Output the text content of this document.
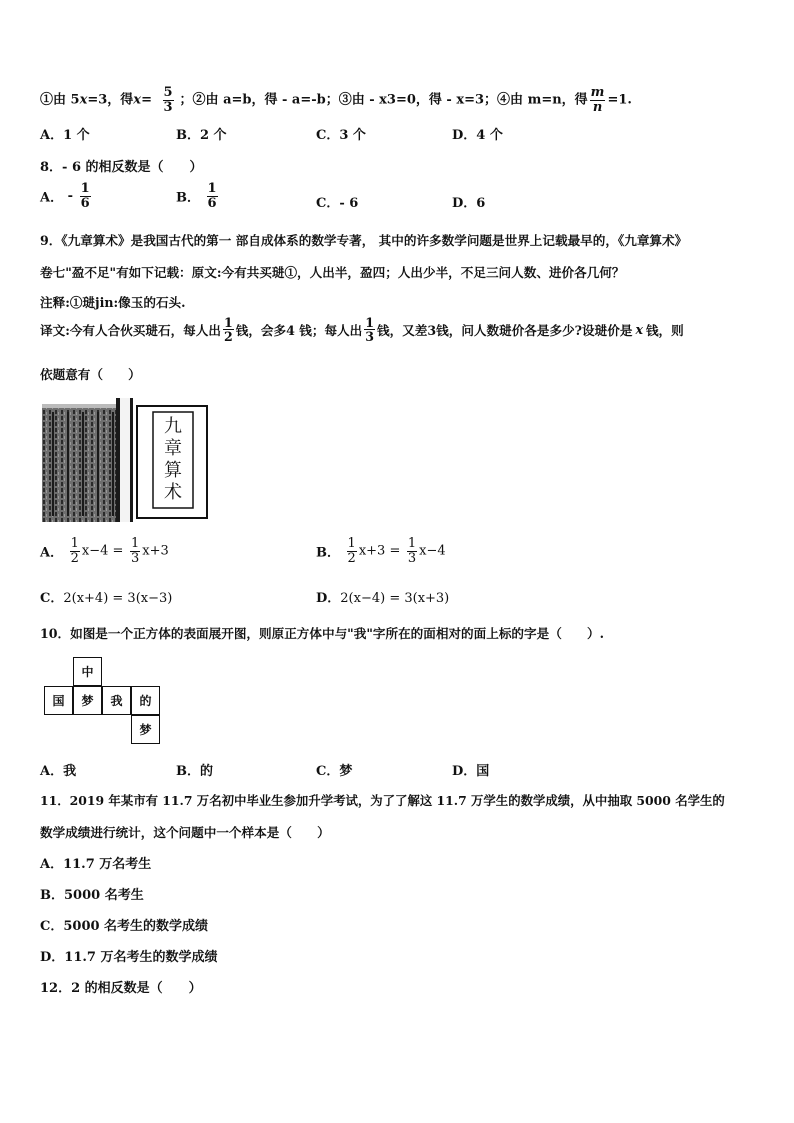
①由 5x=3，得$x= \frac{5}{3}$ ；②由 a=b，得 - a=-b；③由 - x3=0，得 - x=3；④由 m=n，得 $\frac{m}{n} =1$.
A．1 个	B．2 个	C．3 个	D．4 个
8．- 6 的相反数是（　　）
A． - $\frac{1}{6}$	B． $\frac{1}{6}$	C．- 6	D．6
9．《九章算术》是我国古代的第一 部自成体系的数学专著， 其中的许多数学问题是世界上记载最早的，《九章算术》
卷七"盈不足"有如下记载：原文:今有共买琎①，人出半，盈四；人出少半，不足三问人数、进价各几何？
注释:①琎jin:像玉的石头.
译文:今有人合伙买琎石，每人出 $\frac{1}{2}$ 钱，会多4 钱；每人出 $\frac{1}{3}$ 钱，又差3钱，问人数琎价各是多少?设琎价是 x 钱，则
依题意有（　　）
九章算术
A． $\frac{1}{2} x-4 = \frac{1}{3} x+3$	B． $\frac{1}{2} x+3 = \frac{1}{3} x-4$
C．2(x+4) = 3(x−3)	D．2(x−4) = 3(x+3)
10．如图是一个正方体的表面展开图，则原正方体中与"我"字所在的面相对的面上标的字是（　　）.
中
国	梦	我	的
梦
A．我	B．的	C．梦	D．国
11．2019 年某市有 11.7 万名初中毕业生参加升学考试，为了了解这 11.7 万学生的数学成绩，从中抽取 5000 名学生的
数学成绩进行统计，这个问题中一个样本是（　　）
A．11.7 万名考生
B．5000 名考生
C．5000 名考生的数学成绩
D．11.7 万名考生的数学成绩
12．2 的相反数是（　　）
